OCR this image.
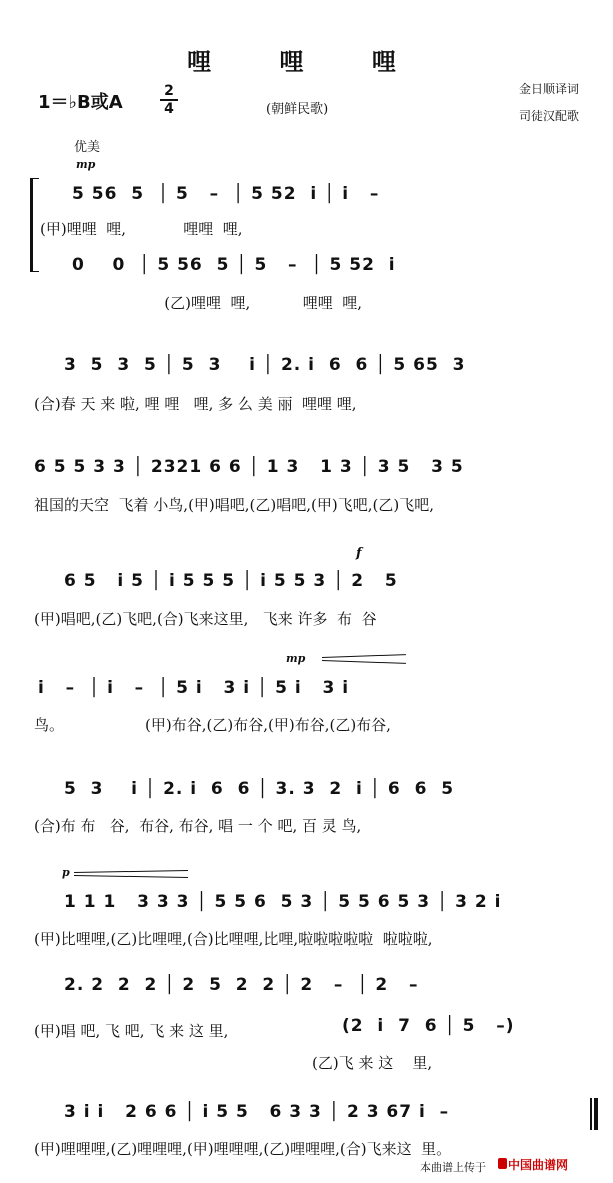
哩 哩 哩
1＝♭B或A
2
4	(朝鲜民歌)
金日顺译词
司徒汉配歌
优美
mp
5 56  5  │ 5   –  │ 5 52  i │ i   –
(甲)哩哩  哩,            哩哩  哩,
0    0  │ 5 56  5 │ 5   –  │ 5 52  i
(乙)哩哩  哩,           哩哩  哩,
3  5  3  5 │ 5  3    i │ 2. i  6  6 │ 5 65  3
(合)春 天 来 啦, 哩 哩   哩, 多 么 美 丽  哩哩 哩,
6 5 5 3 3 │ 2321 6 6 │ 1 3   1 3 │ 3 5   3 5
祖国的天空  飞着 小鸟,(甲)唱吧,(乙)唱吧,(甲)飞吧,(乙)飞吧,
f
6 5   i 5 │ i 5 5 5 │ i 5 5 3 │ 2   5
(甲)唱吧,(乙)飞吧,(合)飞来这里,   飞来 许多  布  谷
mp
i   –  │ i   –  │ 5 i   3 i │ 5 i   3 i
鸟。                 (甲)布谷,(乙)布谷,(甲)布谷,(乙)布谷,
5  3    i │ 2. i  6  6 │ 3. 3  2  i │ 6  6  5
(合)布 布   谷,  布谷, 布谷, 唱 一 个 吧, 百 灵 鸟,
p
1 1 1   3 3 3 │ 5 5 6  5 3 │ 5 5 6 5 3 │ 3 2 i
(甲)比哩哩,(乙)比哩哩,(合)比哩哩,比哩,啦啦啦啦啦  啦啦啦,
2. 2  2  2 │ 2  5  2  2 │ 2   –  │ 2   –
(甲)唱 吧, 飞 吧, 飞 来 这 里,	(2  i  7  6 │ 5   –)
(乙)飞 来 这    里,
3 i i   2 6 6 │ i 5 5   6 3 3 │ 2 3 67 i  –
(甲)哩哩哩,(乙)哩哩哩,(甲)哩哩哩,(乙)哩哩哩,(合)飞来这  里。
本曲谱上传于 中国曲谱网
